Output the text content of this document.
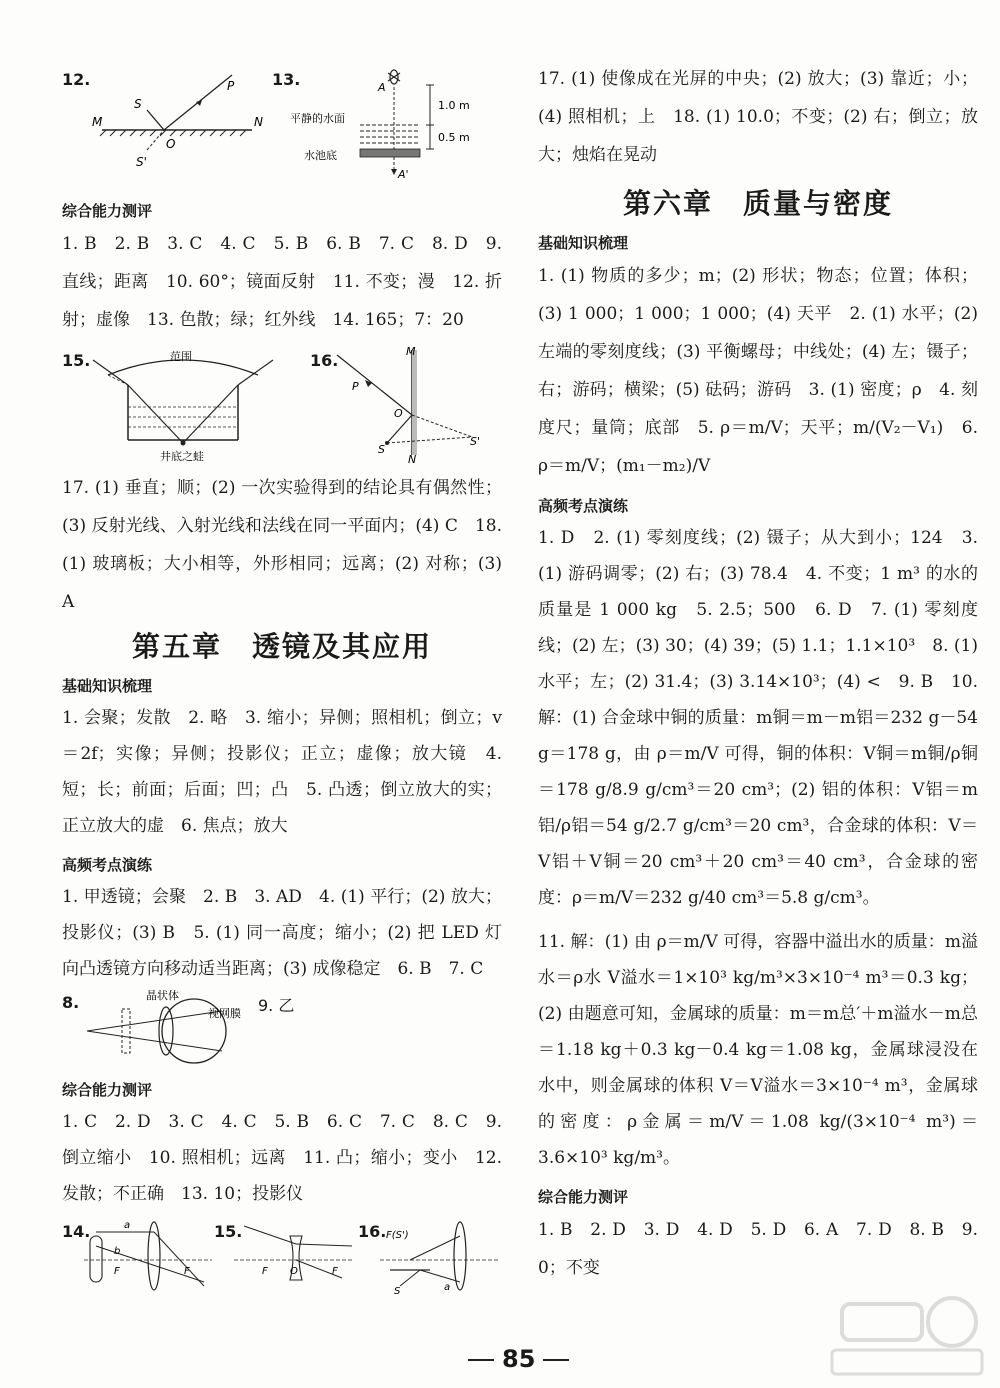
12.
S
S'
O
P
M	N
13.	A
A'
1.0 m
0.5 m
平静的水面
水池底
综合能力测评

1. B　2. B　3. C　4. C　5. B　6. B　7. C　8. D　9. 直线；距离　10. 60°；镜面反射　11. 不变；漫　12. 折射；虚像　13. 色散；绿；红外线　14. 165；7：20

15.	范围
井底之蛙
16.	M
N
P
O
S
S'

17. (1) 垂直；顺；(2) 一次实验得到的结论具有偶然性；(3) 反射光线、入射光线和法线在同一平面内；(4) C　18. (1) 玻璃板；大小相等，外形相同；远离；(2) 对称；(3) A

第五章　透镜及其应用
基础知识梳理

1. 会聚；发散　2. 略　3. 缩小；异侧；照相机；倒立；v＝2f；实像；异侧；投影仪；正立；虚像；放大镜　4. 短；长；前面；后面；凹；凸　5. 凸透；倒立放大的实；正立放大的虚　6. 焦点；放大

高频考点演练

1. 甲透镜；会聚　2. B　3. AD　4. (1) 平行；(2) 放大；投影仪；(3) B　5. (1) 同一高度；缩小；(2) 把 LED 灯向凸透镜方向移动适当距离；(3) 成像稳定　6. B　7. C

8.	晶状体
视网膜 9. 乙
综合能力测评

1. C　2. D　3. C　4. C　5. B　6. C　7. C　8. C　9. 倒立缩小　10. 照相机；远离　11. 凸；缩小；变小　12. 发散；不正确　13. 10；投影仪

14.	a
b
F	F
15.
F O	F
16. F(S')
S	a

17. (1) 使像成在光屏的中央；(2) 放大；(3) 靠近；小；(4) 照相机；上　18. (1) 10.0；不变；(2) 右；倒立；放大；烛焰在晃动

第六章　质量与密度
基础知识梳理

1. (1) 物质的多少；m；(2) 形状；物态；位置；体积；(3) 1 000；1 000；1 000；(4) 天平　2. (1) 水平；(2) 左端的零刻度线；(3) 平衡螺母；中线处；(4) 左；镊子；右；游码；横梁；(5) 砝码；游码　3. (1) 密度；ρ　4. 刻度尺；量筒；底部　5. ρ＝m/V；天平；m/(V₂－V₁)　6. ρ＝m/V；(m₁－m₂)/V

高频考点演练

1. D　2. (1) 零刻度线；(2) 镊子；从大到小；124　3. (1) 游码调零；(2) 右；(3) 78.4　4. 不变；1 m³ 的水的质量是 1 000 kg　5. 2.5；500　6. D　7. (1) 零刻度线；(2) 左；(3) 30；(4) 39；(5) 1.1；1.1×10³　8. (1) 水平；左；(2) 31.4；(3) 3.14×10³；(4) <　9. B　10. 解：(1) 合金球中铜的质量：m铜＝m－m铝＝232 g－54 g＝178 g，由 ρ＝m/V 可得，铜的体积：V铜＝m铜/ρ铜＝178 g/8.9 g/cm³＝20 cm³；(2) 铝的体积：V铝＝m铝/ρ铝＝54 g/2.7 g/cm³＝20 cm³，合金球的体积：V＝V铝＋V铜＝20 cm³＋20 cm³＝40 cm³，合金球的密度：ρ＝m/V＝232 g/40 cm³＝5.8 g/cm³。

11. 解：(1) 由 ρ＝m/V 可得，容器中溢出水的质量：m溢水＝ρ水 V溢水＝1×10³ kg/m³×3×10⁻⁴ m³＝0.3 kg；(2) 由题意可知，金属球的质量：m＝m总′＋m溢水－m总＝1.18 kg＋0.3 kg－0.4 kg＝1.08 kg，金属球浸没在水中，则金属球的体积 V＝V溢水＝3×10⁻⁴ m³，金属球的密度：ρ金属＝m/V＝1.08 kg/(3×10⁻⁴ m³)＝3.6×10³ kg/m³。

综合能力测评

1. B　2. D　3. D　4. D　5. D　6. A　7. D　8. B　9. 0；不变

85
